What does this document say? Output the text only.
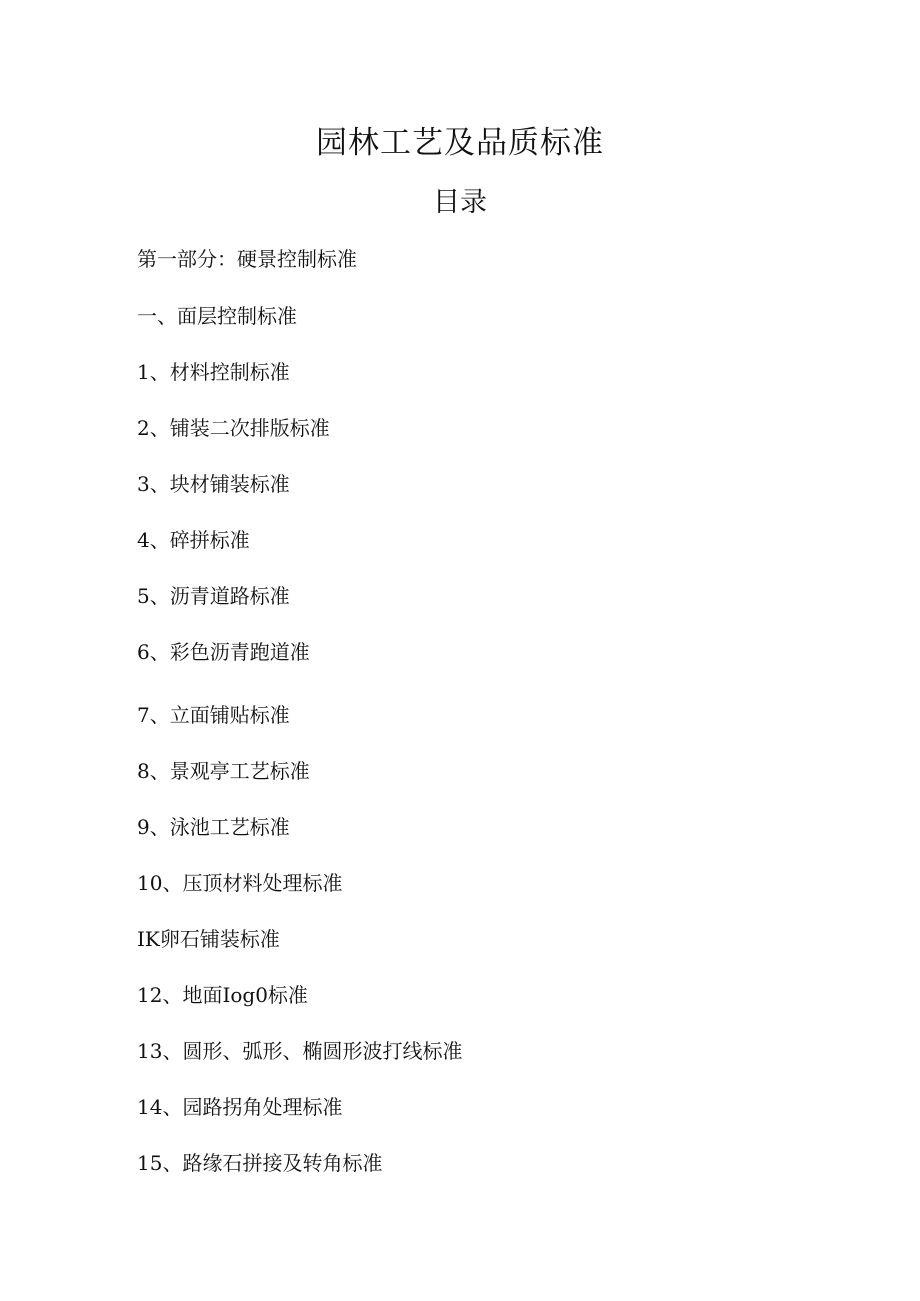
园林工艺及品质标准
目录
第一部分：硬景控制标准
一、面层控制标准
1、材料控制标准
2、铺装二次排版标准
3、块材铺装标准
4、碎拼标准
5、沥青道路标准
6、彩色沥青跑道准
7、立面铺贴标准
8、景观亭工艺标准
9、泳池工艺标准
10、压顶材料处理标准
IK卵石铺装标准
12、地面Iog0标准
13、圆形、弧形、椭圆形波打线标准
14、园路拐角处理标准
15、路缘石拼接及转角标准
